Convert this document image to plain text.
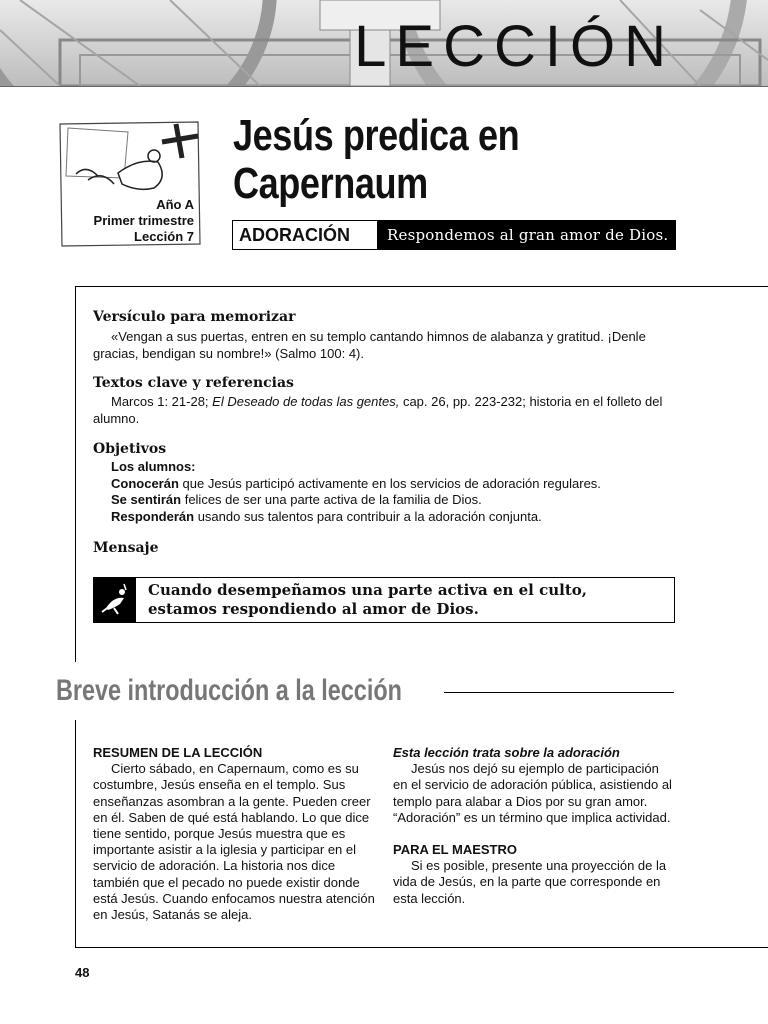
LECCIÓN
Año A
Primer trimestre
Lección 7
Jesús predica en
Capernaum
ADORACIÓN	Respondemos al gran amor de Dios.
Versículo para memorizar
«Vengan a sus puertas, entren en su templo cantando himnos de alabanza y gratitud. ¡Denle gracias, bendigan su nombre!» (Salmo 100: 4).
Textos clave y referencias
Marcos 1: 21-28; El Deseado de todas las gentes, cap. 26, pp. 223-232; historia en el folleto del alumno.
Objetivos
Los alumnos:
Conocerán que Jesús participó activamente en los servicios de adoración regulares.
Se sentirán felices de ser una parte activa de la familia de Dios.
Responderán usando sus talentos para contribuir a la adoración conjunta.
Mensaje
Cuando desempeñamos una parte activa en el culto,
estamos respondiendo al amor de Dios.
Breve introducción a la lección
RESUMEN DE LA LECCIÓN
Cierto sábado, en Capernaum, como es su costumbre, Jesús enseña en el templo. Sus enseñanzas asombran a la gente. Pueden creer en él. Saben de qué está hablando. Lo que dice tiene sentido, porque Jesús muestra que es importante asistir a la iglesia y participar en el servicio de adoración. La historia nos dice también que el pecado no puede existir donde está Jesús. Cuando enfocamos nuestra atención en Jesús, Satanás se aleja.
Esta lección trata sobre la adoración
Jesús nos dejó su ejemplo de participación en el servicio de adoración pública, asistiendo al templo para alabar a Dios por su gran amor. “Adoración” es un término que implica actividad.
PARA EL MAESTRO
Si es posible, presente una proyección de la vida de Jesús, en la parte que corresponde en esta lección.
48
